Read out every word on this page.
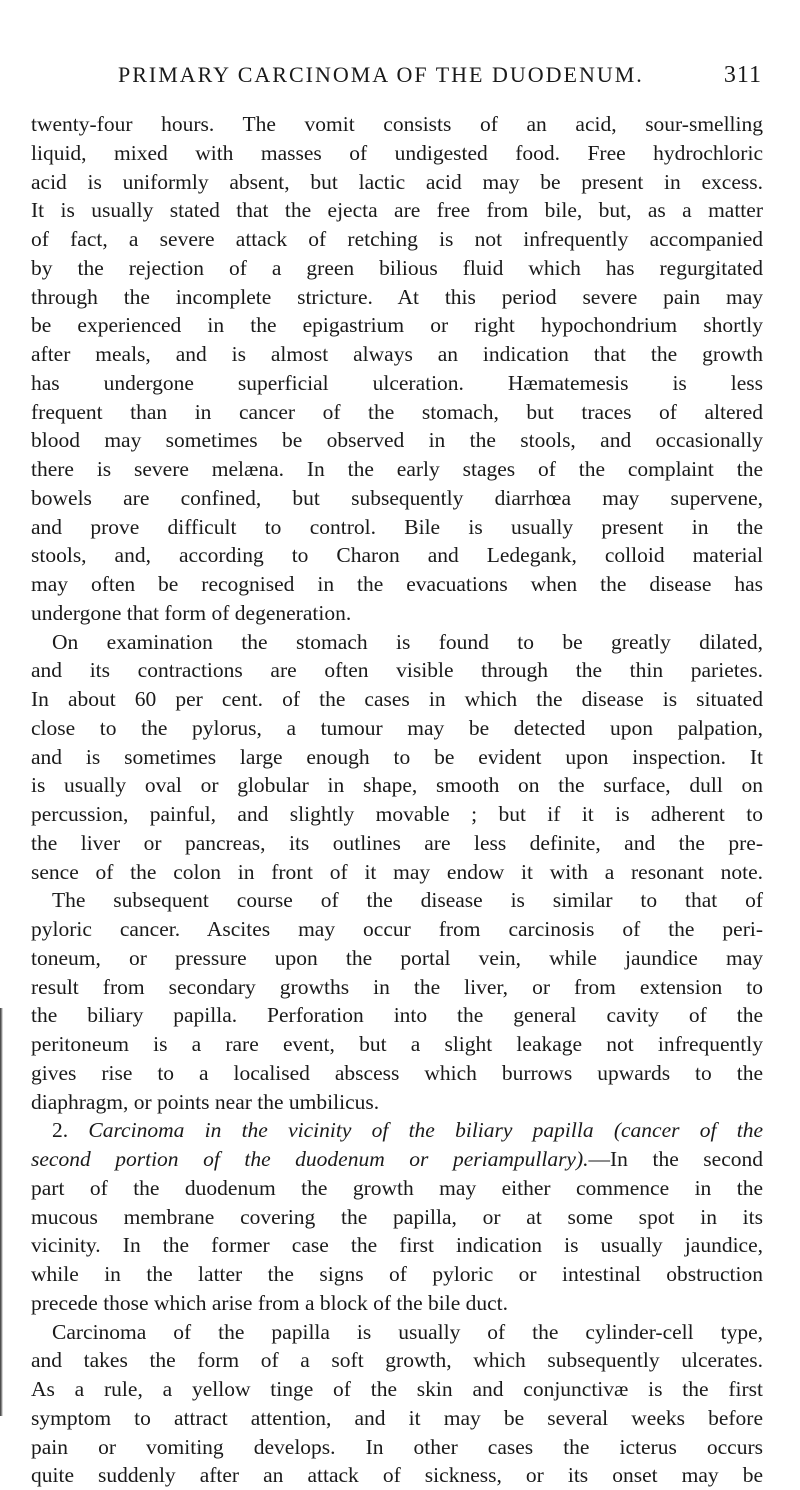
PRIMARY CARCINOMA OF THE DUODENUM.	311
twenty-four hours. The vomit consists of an acid, sour-smelling
liquid, mixed with masses of undigested food. Free hydrochloric
acid is uniformly absent, but lactic acid may be present in excess.
It is usually stated that the ejecta are free from bile, but, as a matter
of fact, a severe attack of retching is not infrequently accompanied
by the rejection of a green bilious fluid which has regurgitated
through the incomplete stricture. At this period severe pain may
be experienced in the epigastrium or right hypochondrium shortly
after meals, and is almost always an indication that the growth
has undergone superficial ulceration. Hæmatemesis is less
frequent than in cancer of the stomach, but traces of altered
blood may sometimes be observed in the stools, and occasionally
there is severe melæna. In the early stages of the complaint the
bowels are confined, but subsequently diarrhœa may supervene,
and prove difficult to control. Bile is usually present in the
stools, and, according to Charon and Ledegank, colloid material
may often be recognised in the evacuations when the disease has
undergone that form of degeneration.
On examination the stomach is found to be greatly dilated,
and its contractions are often visible through the thin parietes.
In about 60 per cent. of the cases in which the disease is situated
close to the pylorus, a tumour may be detected upon palpation,
and is sometimes large enough to be evident upon inspection. It
is usually oval or globular in shape, smooth on the surface, dull on
percussion, painful, and slightly movable ; but if it is adherent to
the liver or pancreas, its outlines are less definite, and the pre-
sence of the colon in front of it may endow it with a resonant note.
The subsequent course of the disease is similar to that of
pyloric cancer. Ascites may occur from carcinosis of the peri-
toneum, or pressure upon the portal vein, while jaundice may
result from secondary growths in the liver, or from extension to
the biliary papilla. Perforation into the general cavity of the
peritoneum is a rare event, but a slight leakage not infrequently
gives rise to a localised abscess which burrows upwards to the
diaphragm, or points near the umbilicus.
2. Carcinoma in the vicinity of the biliary papilla (cancer of the
second portion of the duodenum or periampullary).—In the second
part of the duodenum the growth may either commence in the
mucous membrane covering the papilla, or at some spot in its
vicinity. In the former case the first indication is usually jaundice,
while in the latter the signs of pyloric or intestinal obstruction
precede those which arise from a block of the bile duct.
Carcinoma of the papilla is usually of the cylinder-cell type,
and takes the form of a soft growth, which subsequently ulcerates.
As a rule, a yellow tinge of the skin and conjunctivæ is the first
symptom to attract attention, and it may be several weeks before
pain or vomiting develops. In other cases the icterus occurs
quite suddenly after an attack of sickness, or its onset may be
